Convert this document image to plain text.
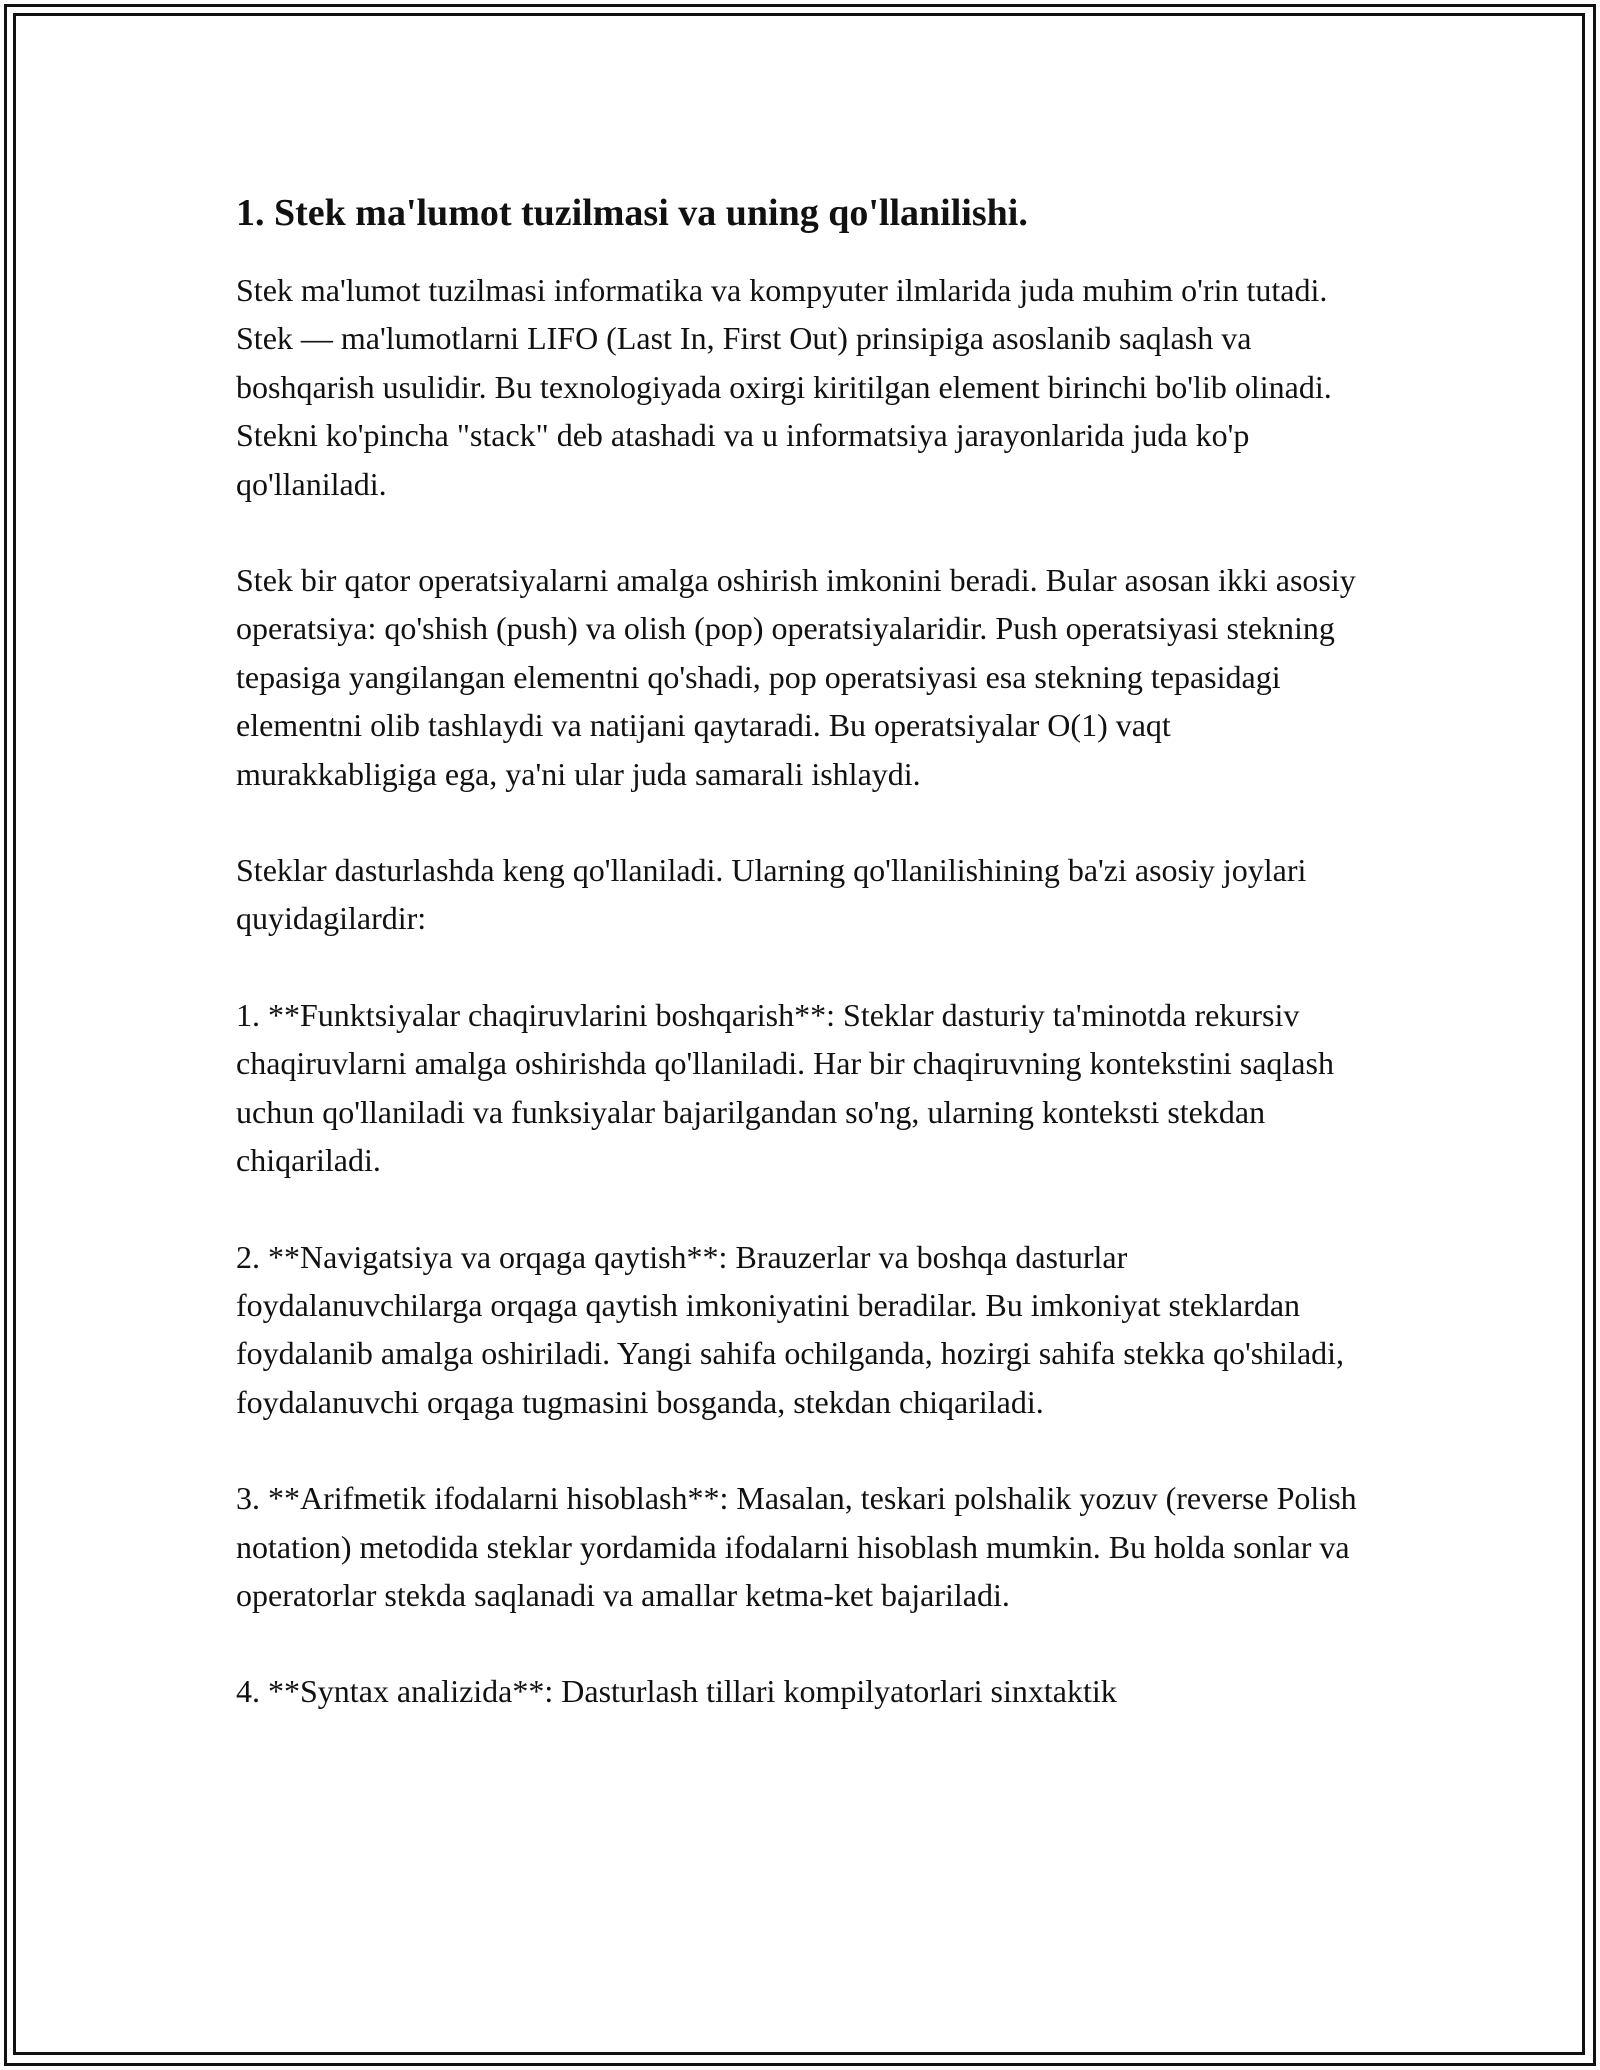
1. Stek ma'lumot tuzilmasi va uning qo'llanilishi.

Stek ma'lumot tuzilmasi informatika va kompyuter ilmlarida juda muhim o'rin tutadi. Stek — ma'lumotlarni LIFO (Last In, First Out) prinsipiga asoslanib saqlash va boshqarish usulidir. Bu texnologiyada oxirgi kiritilgan element birinchi bo'lib olinadi. Stekni ko'pincha "stack" deb atashadi va u informatsiya jarayonlarida juda ko'p qo'llaniladi.

Stek bir qator operatsiyalarni amalga oshirish imkonini beradi. Bular asosan ikki asosiy operatsiya: qo'shish (push) va olish (pop) operatsiyalaridir. Push operatsiyasi stekning tepasiga yangilangan elementni qo'shadi, pop operatsiyasi esa stekning tepasidagi elementni olib tashlaydi va natijani qaytaradi. Bu operatsiyalar O(1) vaqt murakkabligiga ega, ya'ni ular juda samarali ishlaydi.

Steklar dasturlashda keng qo'llaniladi. Ularning qo'llanilishining ba'zi asosiy joylari quyidagilardir:

1. **Funktsiyalar chaqiruvlarini boshqarish**: Steklar dasturiy ta'minotda rekursiv chaqiruvlarni amalga oshirishda qo'llaniladi. Har bir chaqiruvning kontekstini saqlash uchun qo'llaniladi va funksiyalar bajarilgandan so'ng, ularning konteksti stekdan chiqariladi.

2. **Navigatsiya va orqaga qaytish**: Brauzerlar va boshqa dasturlar foydalanuvchilarga orqaga qaytish imkoniyatini beradilar. Bu imkoniyat steklardan foydalanib amalga oshiriladi. Yangi sahifa ochilganda, hozirgi sahifa stekka qo'shiladi, foydalanuvchi orqaga tugmasini bosganda, stekdan chiqariladi.

3. **Arifmetik ifodalarni hisoblash**: Masalan, teskari polshalik yozuv (reverse Polish notation) metodida steklar yordamida ifodalarni hisoblash mumkin. Bu holda sonlar va operatorlar stekda saqlanadi va amallar ketma-ket bajariladi.

4. **Syntax analizida**: Dasturlash tillari kompilyatorlari sinxtaktik
